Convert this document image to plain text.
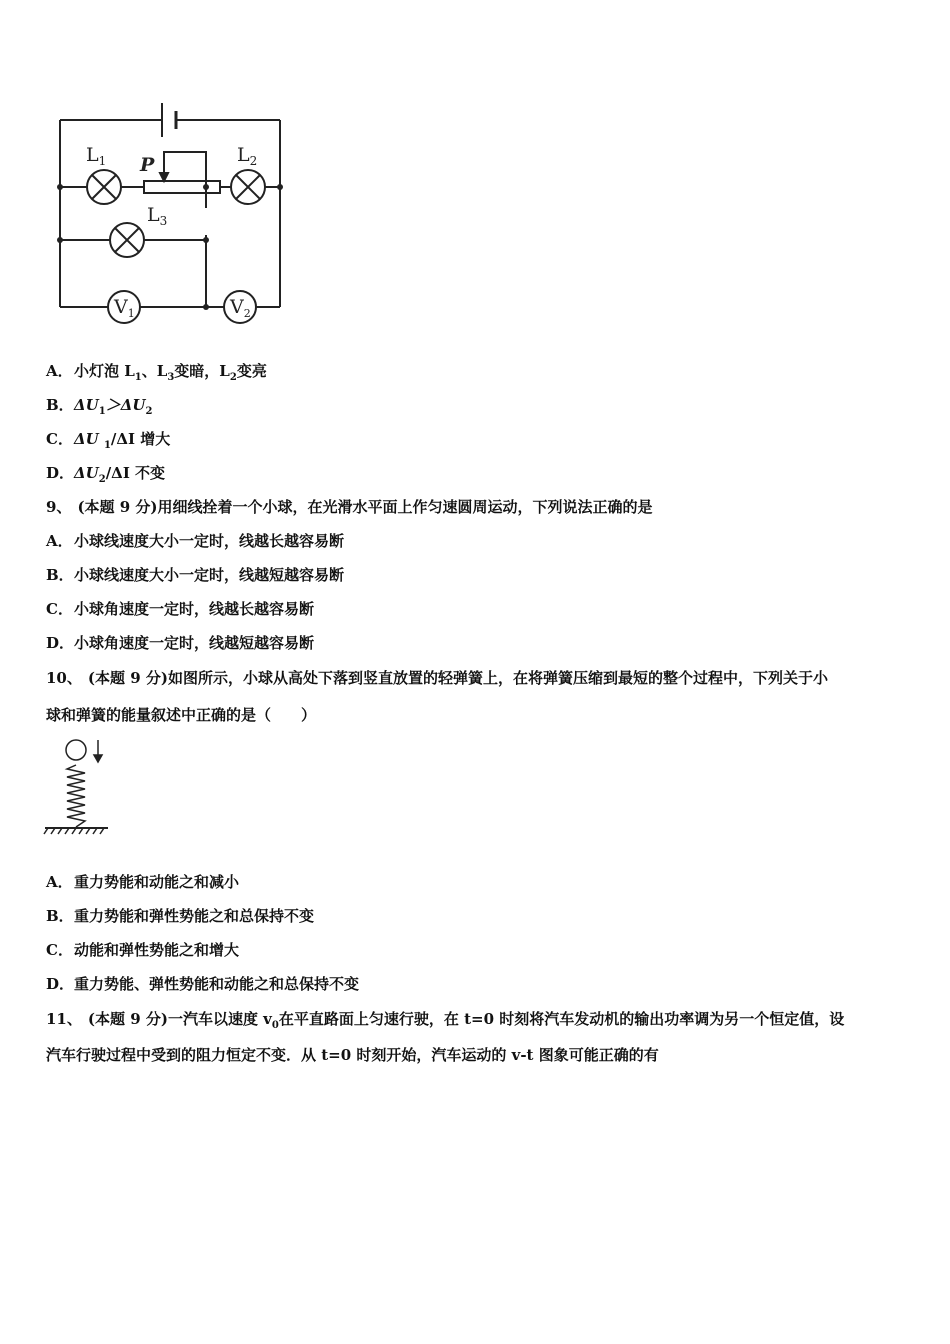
$L_1$	$L_2$
$L_3$
P
$V_1$	$V_2$
A．小灯泡 $L_1$、$L_3$变暗，$L_2$变亮
B．$\Delta U_1>\Delta U_2$
C．ΔU $_1$/ΔI 增大
D．$\Delta U_2/\Delta I$ 不变
9、 (本题 9 分)用细线拴着一个小球，在光滑水平面上作匀速圆周运动，下列说法正确的是
A．小球线速度大小一定时，线越长越容易断
B．小球线速度大小一定时，线越短越容易断
C．小球角速度一定时，线越长越容易断
D．小球角速度一定时，线越短越容易断
10、 (本题 9 分)如图所示，小球从高处下落到竖直放置的轻弹簧上，在将弹簧压缩到最短的整个过程中，下列关于小
球和弹簧的能量叙述中正确的是（　　）
A．重力势能和动能之和减小
B．重力势能和弹性势能之和总保持不变
C．动能和弹性势能之和增大
D．重力势能、弹性势能和动能之和总保持不变
11、 (本题 9 分)一汽车以速度 $v_0$在平直路面上匀速行驶，在 t=0 时刻将汽车发动机的输出功率调为另一个恒定值，设
汽车行驶过程中受到的阻力恒定不变．从 t=0 时刻开始，汽车运动的 v-t 图象可能正确的有
